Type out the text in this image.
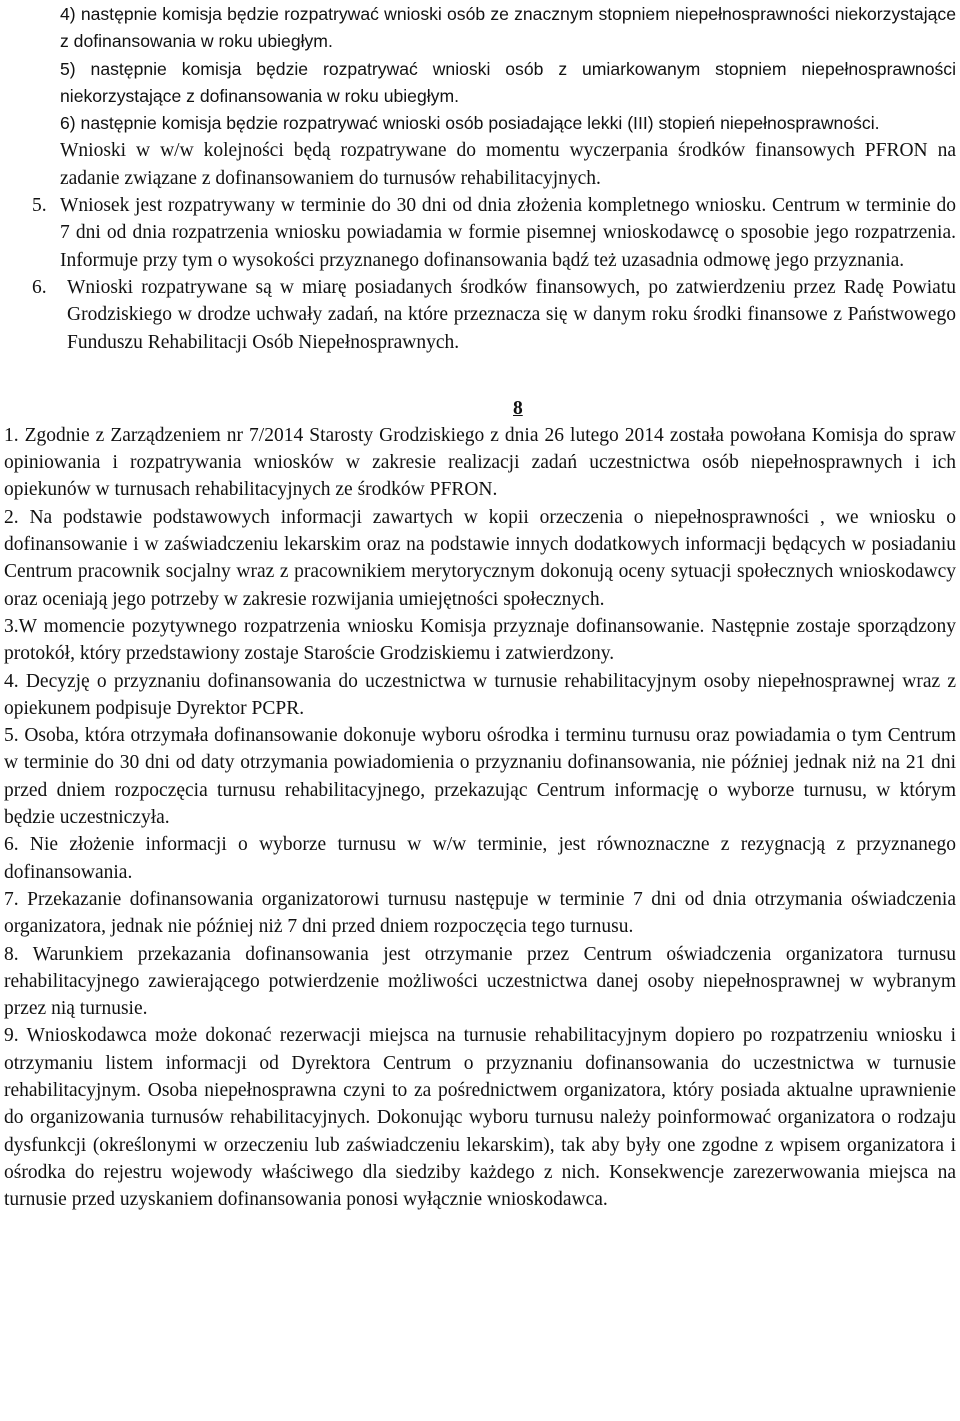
4) następnie komisja będzie rozpatrywać wnioski osób ze znacznym stopniem niepełnosprawności niekorzystające z dofinansowania w roku ubiegłym.

5) następnie komisja będzie rozpatrywać wnioski osób z umiarkowanym stopniem niepełnosprawności niekorzystające z dofinansowania w roku ubiegłym.

6) następnie komisja będzie rozpatrywać wnioski osób posiadające lekki (III) stopień niepełnosprawności.

Wnioski w w/w kolejności będą rozpatrywane do momentu wyczerpania środków finansowych PFRON na zadanie związane z dofinansowaniem do turnusów rehabilitacyjnych.

5. Wniosek jest rozpatrywany w terminie do 30 dni od dnia złożenia kompletnego wniosku. Centrum w terminie do 7 dni od dnia rozpatrzenia wniosku powiadamia w formie pisemnej wnioskodawcę o sposobie jego rozpatrzenia. Informuje przy tym o wysokości przyznanego dofinansowania bądź też uzasadnia odmowę jego przyznania.
6. Wnioski rozpatrywane są w miarę posiadanych środków finansowych, po zatwierdzeniu przez Radę Powiatu Grodziskiego w drodze uchwały zadań, na które przeznacza się w danym roku środki finansowe z Państwowego Funduszu Rehabilitacji Osób Niepełnosprawnych.
8

1. Zgodnie z Zarządzeniem nr 7/2014 Starosty Grodziskiego z dnia 26 lutego 2014 została powołana Komisja do spraw opiniowania i rozpatrywania wniosków w zakresie realizacji zadań uczestnictwa osób niepełnosprawnych i ich opiekunów w turnusach rehabilitacyjnych ze środków PFRON.

2. Na podstawie podstawowych informacji zawartych w kopii orzeczenia o niepełnosprawności , we wniosku o dofinansowanie i w zaświadczeniu lekarskim oraz na podstawie innych dodatkowych informacji będących w posiadaniu Centrum pracownik socjalny wraz z pracownikiem merytorycznym dokonują oceny sytuacji społecznych wnioskodawcy oraz oceniają jego potrzeby w zakresie rozwijania umiejętności społecznych.

3.W momencie pozytywnego rozpatrzenia wniosku Komisja przyznaje dofinansowanie. Następnie zostaje sporządzony protokół, który przedstawiony zostaje Staroście Grodziskiemu i zatwierdzony.

4. Decyzję o przyznaniu dofinansowania do uczestnictwa w turnusie rehabilitacyjnym osoby niepełnosprawnej wraz z opiekunem podpisuje Dyrektor PCPR.

5. Osoba, która otrzymała dofinansowanie dokonuje wyboru ośrodka i terminu turnusu oraz powiadamia o tym Centrum w terminie do 30 dni od daty otrzymania powiadomienia o przyznaniu dofinansowania, nie później jednak niż na 21 dni przed dniem rozpoczęcia turnusu rehabilitacyjnego, przekazując Centrum informację o wyborze turnusu, w którym będzie uczestniczyła.

6. Nie złożenie informacji o wyborze turnusu w w/w terminie, jest równoznaczne z rezygnacją z przyznanego dofinansowania.

7. Przekazanie dofinansowania organizatorowi turnusu następuje w terminie 7 dni od dnia otrzymania oświadczenia organizatora, jednak nie później niż 7 dni przed dniem rozpoczęcia tego turnusu.

8. Warunkiem przekazania dofinansowania jest otrzymanie przez Centrum oświadczenia organizatora turnusu rehabilitacyjnego zawierającego potwierdzenie możliwości uczestnictwa danej osoby niepełnosprawnej w wybranym przez nią turnusie.

9. Wnioskodawca może dokonać rezerwacji miejsca na turnusie rehabilitacyjnym dopiero po rozpatrzeniu wniosku i otrzymaniu listem informacji od Dyrektora Centrum o przyznaniu dofinansowania do uczestnictwa w turnusie rehabilitacyjnym. Osoba niepełnosprawna czyni to za pośrednictwem organizatora, który posiada aktualne uprawnienie do organizowania turnusów rehabilitacyjnych. Dokonując wyboru turnusu należy poinformować organizatora o rodzaju dysfunkcji (określonymi w orzeczeniu lub zaświadczeniu lekarskim), tak aby były one zgodne z wpisem organizatora i ośrodka do rejestru wojewody właściwego dla siedziby każdego z nich. Konsekwencje zarezerwowania miejsca na turnusie przed uzyskaniem dofinansowania ponosi wyłącznie wnioskodawca.
